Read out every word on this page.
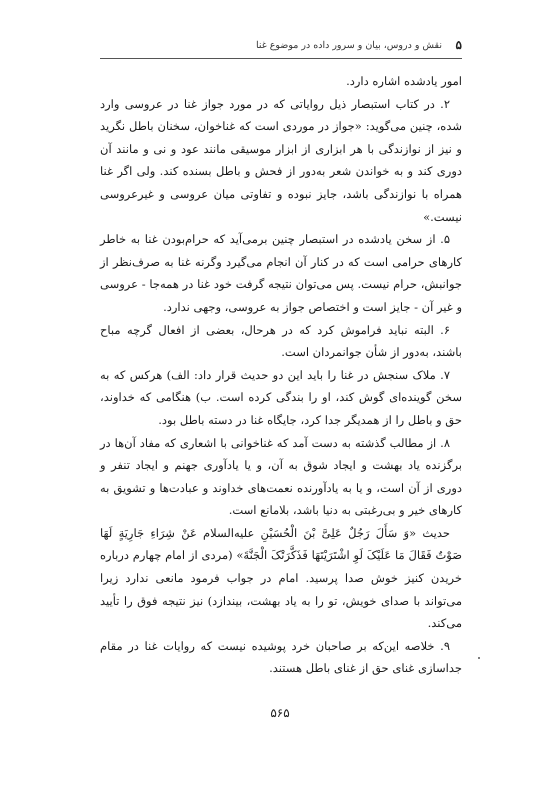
نقش و دروس، بیان و سرور داده در موضوع غنا ۵

امور یادشده اشاره دارد.

۲. در کتاب استبصار ذیل روایاتی که در مورد جواز غنا در عروسی وارد شده، چنین می‌گوید: «جواز در موردی است که غناخوان، سخنان باطل نگرید و نیز از نوازندگی با هر ابزاری از ابزار موسیقی مانند عود و نی و مانند آن دوری کند و به خواندن شعر به‌دور از فحش و باطل بسنده کند. ولی اگر غنا همراه با نوازندگی باشد، جایز نبوده و تفاوتی میان عروسی و غیرعروسی نیست.»

۵. از سخن یادشده در استبصار چنین برمی‌آید که حرام‌بودن غنا به خاطر کارهای حرامی است که در کنار آن انجام می‌گیرد وگرنه غنا به صرف‌نظر از جوانبش، حرام نیست. پس می‌توان نتیجه گرفت خود غنا در همه‌جا - عروسی و غیر آن - جایز است و اختصاص جواز به عروسی، وجهی ندارد.

۶. البته نباید فراموش کرد که در هرحال، بعضی از افعال گرچه مباح باشند، به‌دور از شأن جوانمردان است.

۷. ملاک سنجش در غنا را باید این دو حدیث قرار داد: الف) هرکس که به سخن گوینده‌ای گوش کند، او را بندگی کرده است. ب) هنگامی که خداوند، حق و باطل را از همدیگر جدا کرد، جایگاه غنا در دسته باطل بود.

۸. از مطالب گذشته به دست آمد که غناخوانی با اشعاری که مفاد آن‌ها در برگزنده یاد بهشت و ایجاد شوق به آن، و یا یادآوری جهنم و ایجاد تنفر و دوری از آن است، و یا به یادآورنده نعمت‌های خداوند و عبادت‌ها و تشویق به کارهای خیر و بی‌رغبتی به دنیا باشد، بلامانع است.

حدیث «وَ سَأَلَ رَجُلٌ عَلِیَّ بْنَ الْحُسَیْنِ علیه‌السلام عَنْ شِرَاءِ جَارِیَةٍ لَهَا صَوْتٌ فَقَالَ مَا عَلَیْکَ لَوِ اشْتَرَیْتَهَا فَذَکَّرَتْکَ الْجَنَّةَ» (مردی از امام چهارم درباره خریدن کنیز خوش صدا پرسید. امام در جواب فرمود مانعی ندارد زیرا می‌تواند با صدای خویش، تو را به یاد بهشت، بیندازد) نیز نتیجه فوق را تأیید می‌کند.

۹. خلاصه این‌که بر صاحبان خرد پوشیده نیست که روایات غنا در مقام جداسازی غنای حق از غنای باطل هستند.

۵۶۵
